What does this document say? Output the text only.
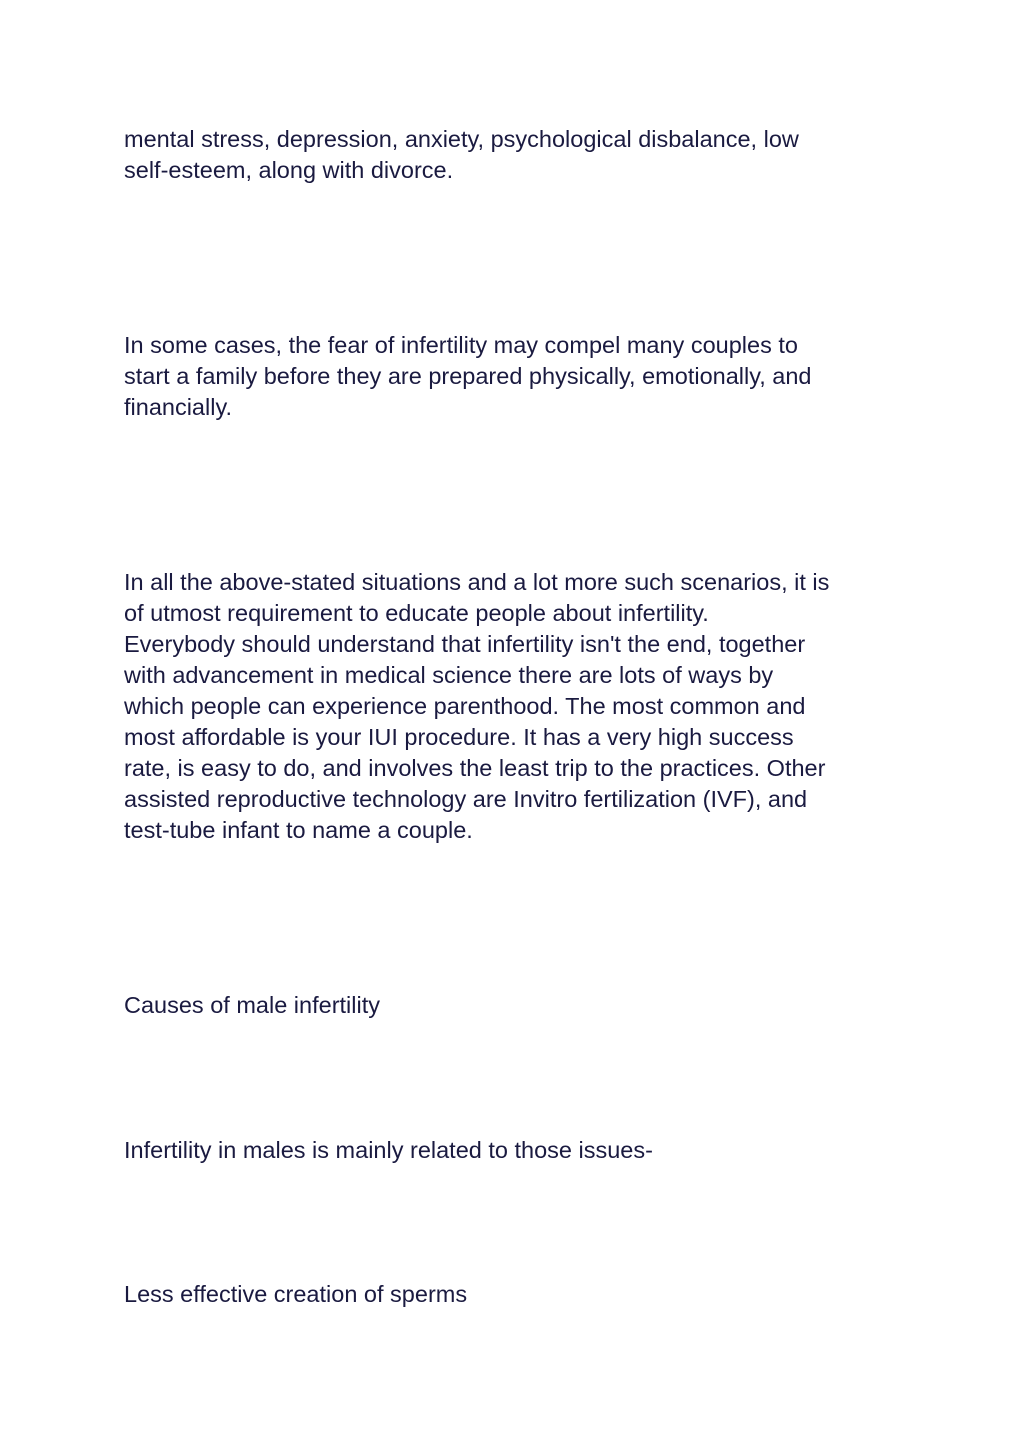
mental stress, depression, anxiety, psychological disbalance, low
self-esteem, along with divorce.

In some cases, the fear of infertility may compel many couples to
start a family before they are prepared physically, emotionally, and
financially.

In all the above-stated situations and a lot more such scenarios, it is
of utmost requirement to educate people about infertility.
Everybody should understand that infertility isn't the end, together
with advancement in medical science there are lots of ways by
which people can experience parenthood. The most common and
most affordable is your IUI procedure. It has a very high success
rate, is easy to do, and involves the least trip to the practices. Other
assisted reproductive technology are Invitro fertilization (IVF), and
test-tube infant to name a couple.

Causes of male infertility

Infertility in males is mainly related to those issues-

Less effective creation of sperms
